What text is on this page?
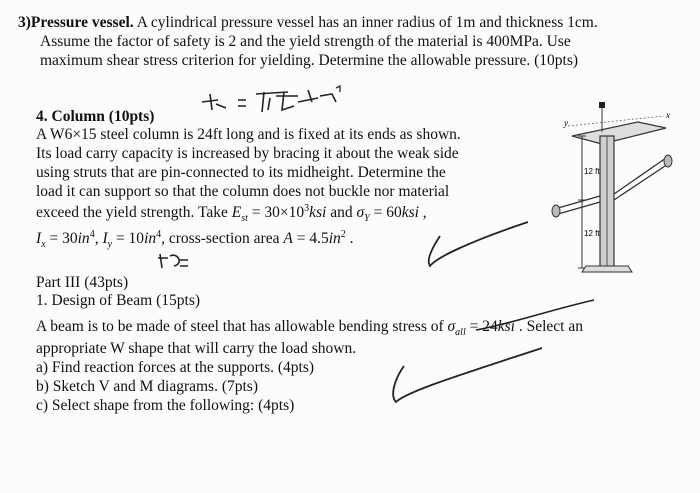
3)Pressure vessel. A cylindrical pressure vessel has an inner radius of 1m and thickness 1cm.
Assume the factor of safety is 2 and the yield strength of the material is 400MPa. Use
maximum shear stress criterion for yielding. Determine the allowable pressure. (10pts)
4. Column (10pts)
A W6×15 steel column is 24ft long and is fixed at its ends as shown.
Its load carry capacity is increased by bracing it about the weak side
using struts that are pin-connected to its midheight. Determine the
load it can support so that the column does not buckle nor material
exceed the yield strength. Take $E_{st} = 30\times 10^3ksi$ and $\sigma_Y = 60ksi$ ,
$I_x = 30in^4$, $I_y = 10in^4$, cross-section area $A = 4.5in^2$ .
12 ft
12 ft
y
x
Part III (43pts)
1. Design of Beam (15pts)
A beam is to be made of steel that has allowable bending stress of $\sigma_{all} = 24ksi$ . Select an
appropriate W shape that will carry the load shown.
a) Find reaction forces at the supports. (4pts)
b) Sketch V and M diagrams. (7pts)
c) Select shape from the following: (4pts)
